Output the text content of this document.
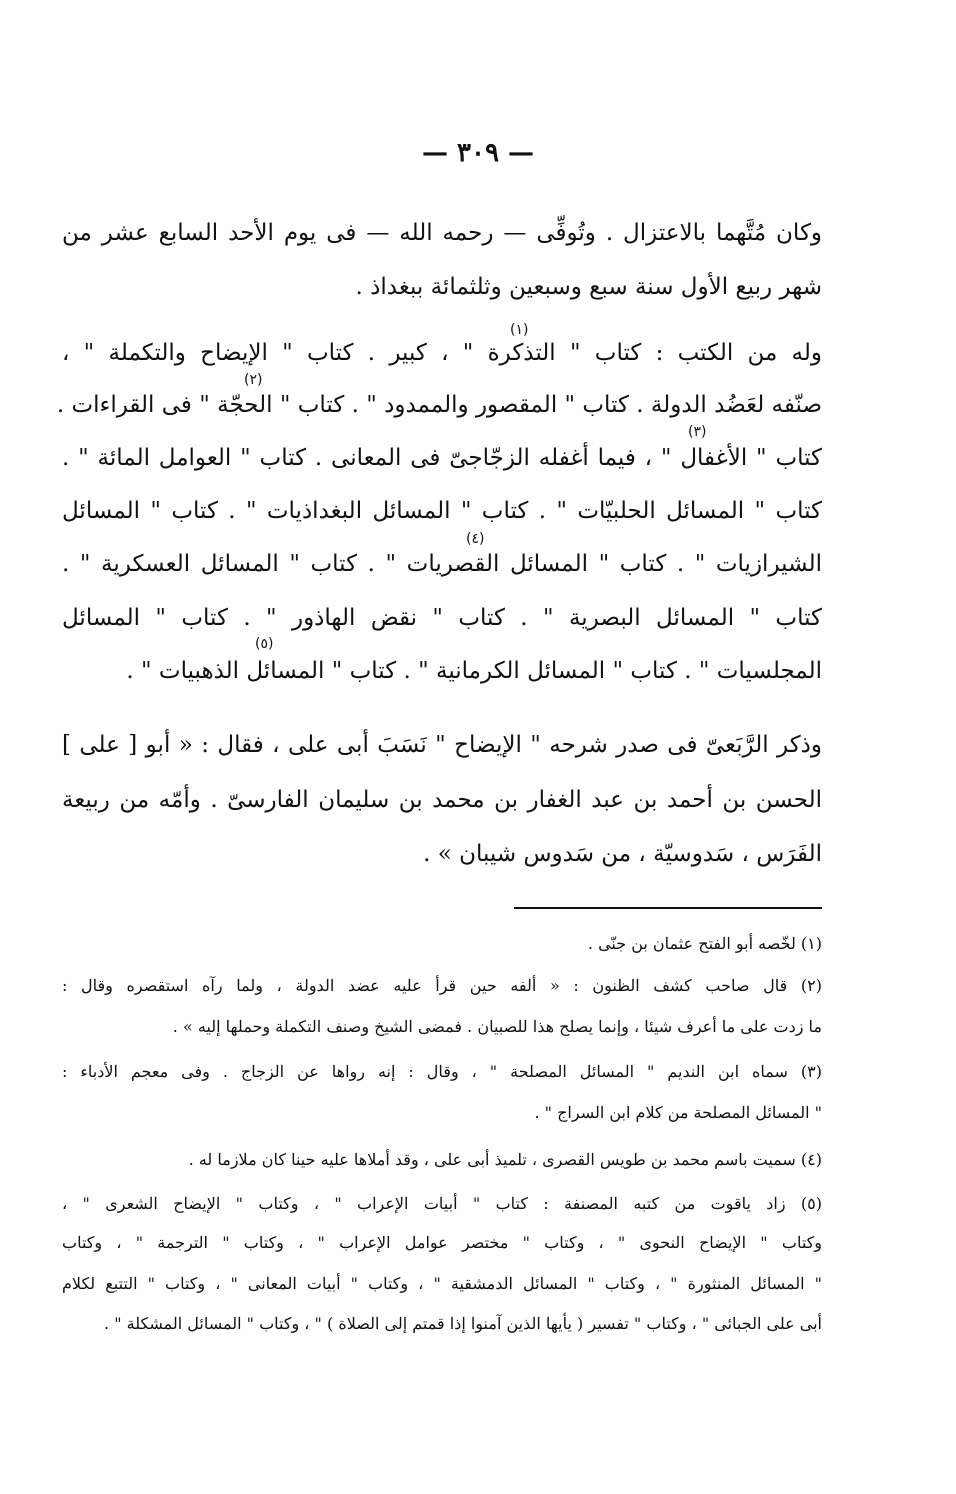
— ٣٠٩ —
وكان مُتَّهما بالاعتزال . وتُوفِّى — رحمه الله — فى يوم الأحد السابع عشر من
شهر ربيع الأول سنة سبع وسبعين وثلثمائة ببغداذ .
وله من الكتب : كتاب " التذكرة " ، كبير . كتاب " الإيضاح والتكملة " ،
صنّفه لعَضُد الدولة . كتاب " المقصور والممدود " . كتاب " الحجّة " فى القراءات .
كتاب " الأغفال " ، فيما أغفله الزجّاجىّ فى المعانى . كتاب " العوامل المائة " .
كتاب " المسائل الحلبيّات " . كتاب " المسائل البغداذيات " . كتاب " المسائل
الشيرازيات " . كتاب " المسائل القصريات " . كتاب " المسائل العسكرية " .
كتاب " المسائل البصرية " . كتاب " نقض الهاذور " . كتاب " المسائل
المجلسيات " . كتاب " المسائل الكرمانية " . كتاب " المسائل الذهبيات " .
(١)
(٢)
(٣)
(٤)
(٥)
وذكر الرَّبَعىّ فى صدر شرحه " الإيضاح " نَسَبَ أبى على ، فقال : « أبو [ على ]
الحسن بن أحمد بن عبد الغفار بن محمد بن سليمان الفارسىّ . وأمّه من ربيعة
الفَرَس ، سَدوسيّة ، من سَدوس شيبان » .
(١) لخّصه أبو الفتح عثمان بن جنّى .
(٢) قال صاحب كشف الظنون : « ألفه حين قرأ عليه عضد الدولة ، ولما رآه استقصره وقال :
ما زدت على ما أعرف شيئا ، وإنما يصلح هذا للصبيان . فمضى الشيخ وصنف التكملة وحملها إليه » .
(٣) سماه ابن النديم " المسائل المصلحة " ، وقال : إنه رواها عن الزجاج . وفى معجم الأدباء :
" المسائل المصلحة من كلام ابن السراج " .
(٤) سميت باسم محمد بن طويس القصرى ، تلميذ أبى على ، وقد أملاها عليه حينا كان ملازما له .
(٥) زاد ياقوت من كتبه المصنفة : كتاب " أبيات الإعراب " ، وكتاب " الإيضاح الشعرى " ،
وكتاب " الإيضاح النحوى " ، وكتاب " مختصر عوامل الإعراب " ، وكتاب " الترجمة " ، وكتاب
" المسائل المنثورة " ، وكتاب " المسائل الدمشقية " ، وكتاب " أبيات المعانى " ، وكتاب " التتبع لكلام
أبى على الجبائى " ، وكتاب " تفسير ( يأيها الذين آمنوا إذا قمتم إلى الصلاة ) " ، وكتاب " المسائل المشكلة " .
